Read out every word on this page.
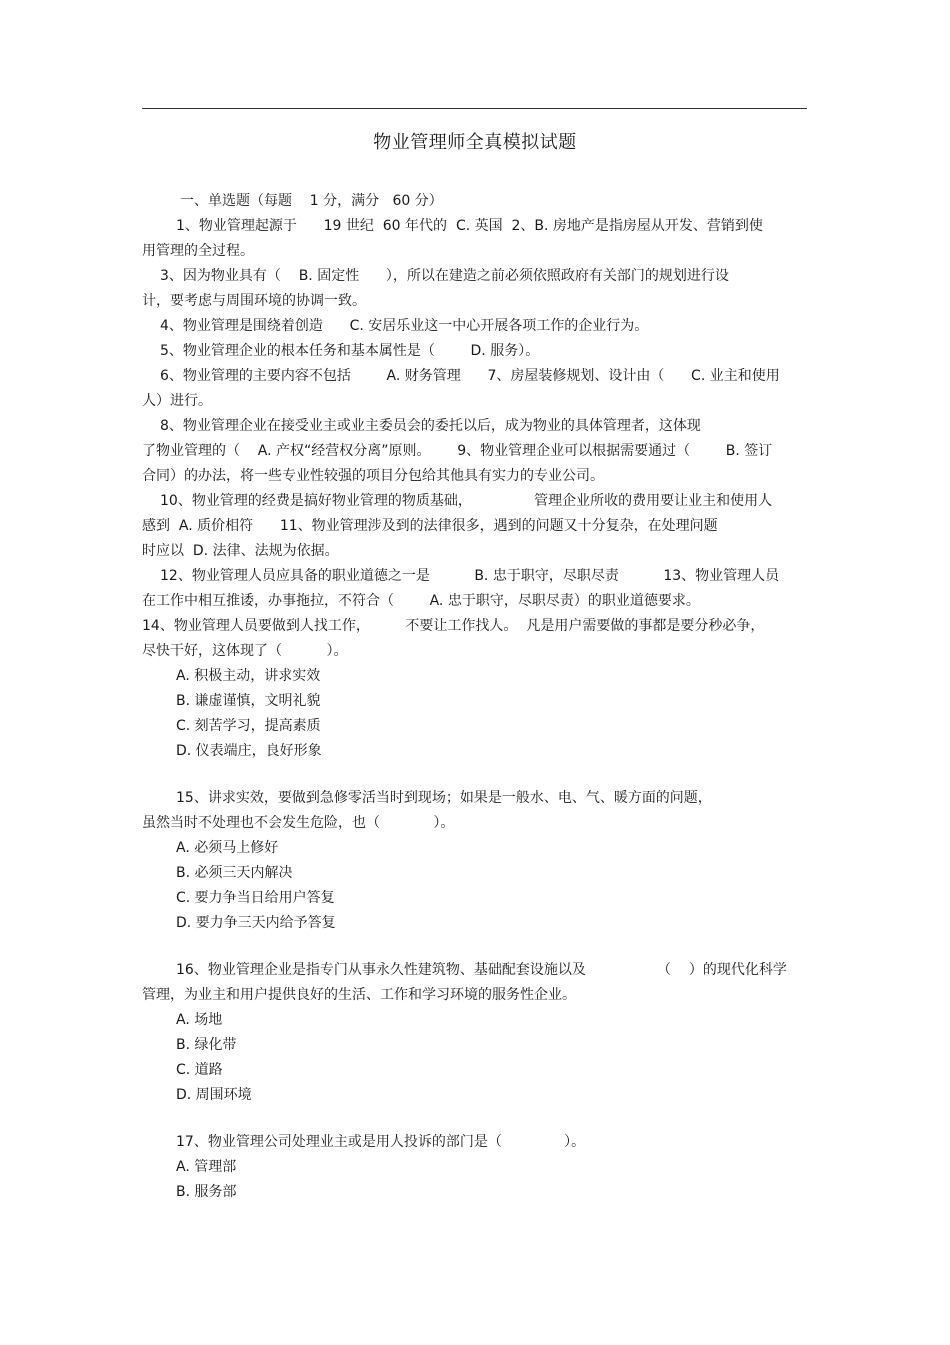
物业管理师全真模拟试题
一、单选题（每题    1 分，满分   60 分）
1、物业管理起源于      19 世纪  60 年代的  C. 英国  2、B. 房地产是指房屋从开发、营销到使
用管理的全过程。
3、因为物业具有（    B. 固定性      ），所以在建造之前必须依照政府有关部门的规划进行设
计，要考虑与周围环境的协调一致。
4、物业管理是围绕着创造      C. 安居乐业这一中心开展各项工作的企业行为。
5、物业管理企业的根本任务和基本属性是（        D. 服务）。
6、物业管理的主要内容不包括        A. 财务管理      7、房屋装修规划、设计由（      C. 业主和使用
人）进行。
8、物业管理企业在接受业主或业主委员会的委托以后，成为物业的具体管理者，这体现
了物业管理的（    A. 产权“经营权分离”原则。      9、物业管理企业可以根据需要通过（        B. 签订
合同）的办法，将一些专业性较强的项目分包给其他具有实力的专业公司。
10、物业管理的经费是搞好物业管理的物质基础，              管理企业所收的费用要让业主和使用人
感到  A. 质价相符      11、物业管理涉及到的法律很多，遇到的问题又十分复杂，在处理问题
时应以  D. 法律、法规为依据。
12、物业管理人员应具备的职业道德之一是          B. 忠于职守，尽职尽责          13、物业管理人员
在工作中相互推诿，办事拖拉，不符合（        A. 忠于职守，尽职尽责）的职业道德要求。
14、物业管理人员要做到人找工作，        不要让工作找人。  凡是用户需要做的事都是要分秒必争，
尽快干好，这体现了（          ）。
A. 积极主动，讲求实效
B. 谦虚谨慎，文明礼貌
C. 刻苦学习，提高素质
D. 仪表端庄，良好形象
15、讲求实效，要做到急修零活当时到现场；如果是一般水、电、气、暖方面的问题，
虽然当时不处理也不会发生危险，也（            ）。
A. 必须马上修好
B. 必须三天内解决
C. 要力争当日给用户答复
D. 要力争三天内给予答复
16、物业管理企业是指专门从事永久性建筑物、基础配套设施以及                （    ）的现代化科学
管理，为业主和用户提供良好的生活、工作和学习环境的服务性企业。
A. 场地
B. 绿化带
C. 道路
D. 周围环境
17、物业管理公司处理业主或是用人投诉的部门是（              ）。
A. 管理部
B. 服务部
